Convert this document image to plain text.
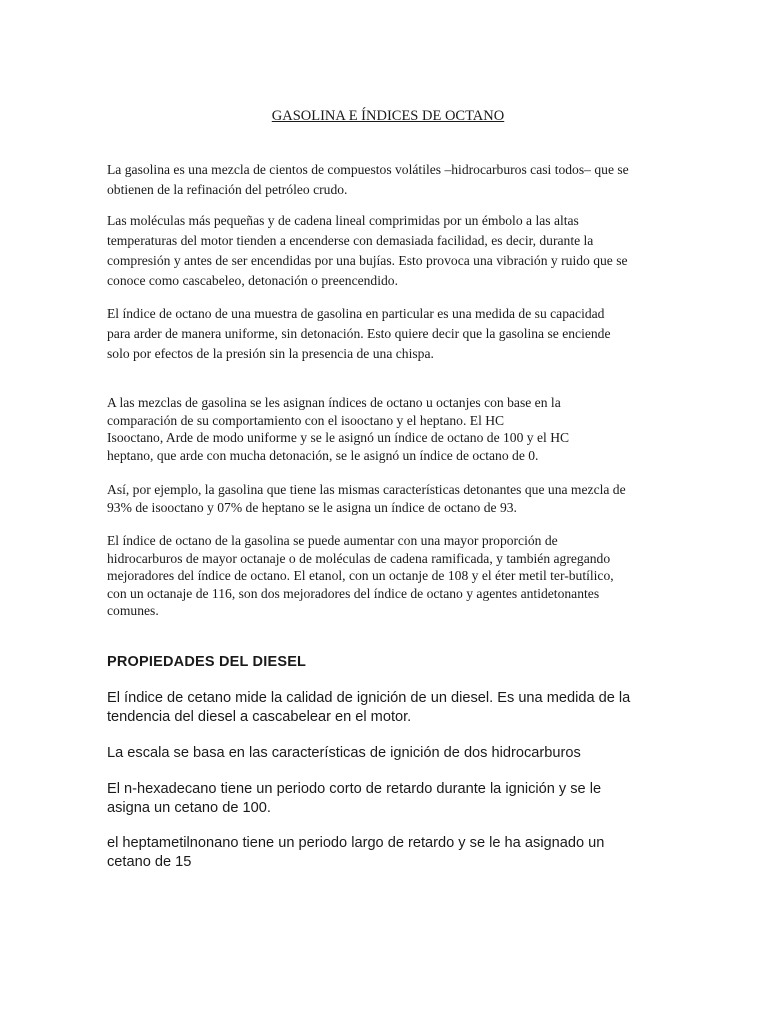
GASOLINA E ÍNDICES DE OCTANO

La gasolina es una mezcla de cientos de compuestos volátiles –hidrocarburos casi todos– que se
obtienen de la refinación del petróleo crudo.

Las moléculas más pequeñas y de cadena lineal comprimidas por un émbolo a las altas
temperaturas del motor tienden a encenderse con demasiada facilidad, es decir, durante la
compresión y antes de ser encendidas por una bujías. Esto provoca una vibración y ruido que se
conoce como cascabeleo, detonación o preencendido.

El índice de octano de una muestra de gasolina en particular es una medida de su capacidad
para arder de manera uniforme, sin detonación. Esto quiere decir que la gasolina se enciende
solo por efectos de la presión sin la presencia de una chispa.

A las mezclas de gasolina se les asignan índices de octano u octanjes con base en la
comparación de su comportamiento con el isooctano y el heptano. El HC
Isooctano, Arde de modo uniforme y se le asignó un índice de octano de 100 y el HC
heptano, que arde con mucha detonación, se le asignó un índice de octano de 0.

Así, por ejemplo, la gasolina que tiene las mismas características detonantes que una mezcla de
93% de isooctano y 07% de heptano se le asigna un índice de octano de 93.

El índice de octano de la gasolina se puede aumentar con una mayor proporción de
hidrocarburos de mayor octanaje o de moléculas de cadena ramificada, y también agregando
mejoradores del índice de octano. El etanol, con un octanje de 108 y el éter metil ter-butílico,
con un octanaje de 116, son dos mejoradores del índice de octano y agentes antidetonantes
comunes.

PROPIEDADES DEL DIESEL

El índice de cetano mide la calidad de ignición de un diesel. Es una medida de la
tendencia del diesel a cascabelear en el motor.

La escala se basa en las características de ignición de dos hidrocarburos

El n-hexadecano tiene un periodo corto de retardo durante la ignición y se le
asigna un cetano de 100.

el heptametilnonano tiene un periodo largo de retardo y se le ha asignado un
cetano de 15
